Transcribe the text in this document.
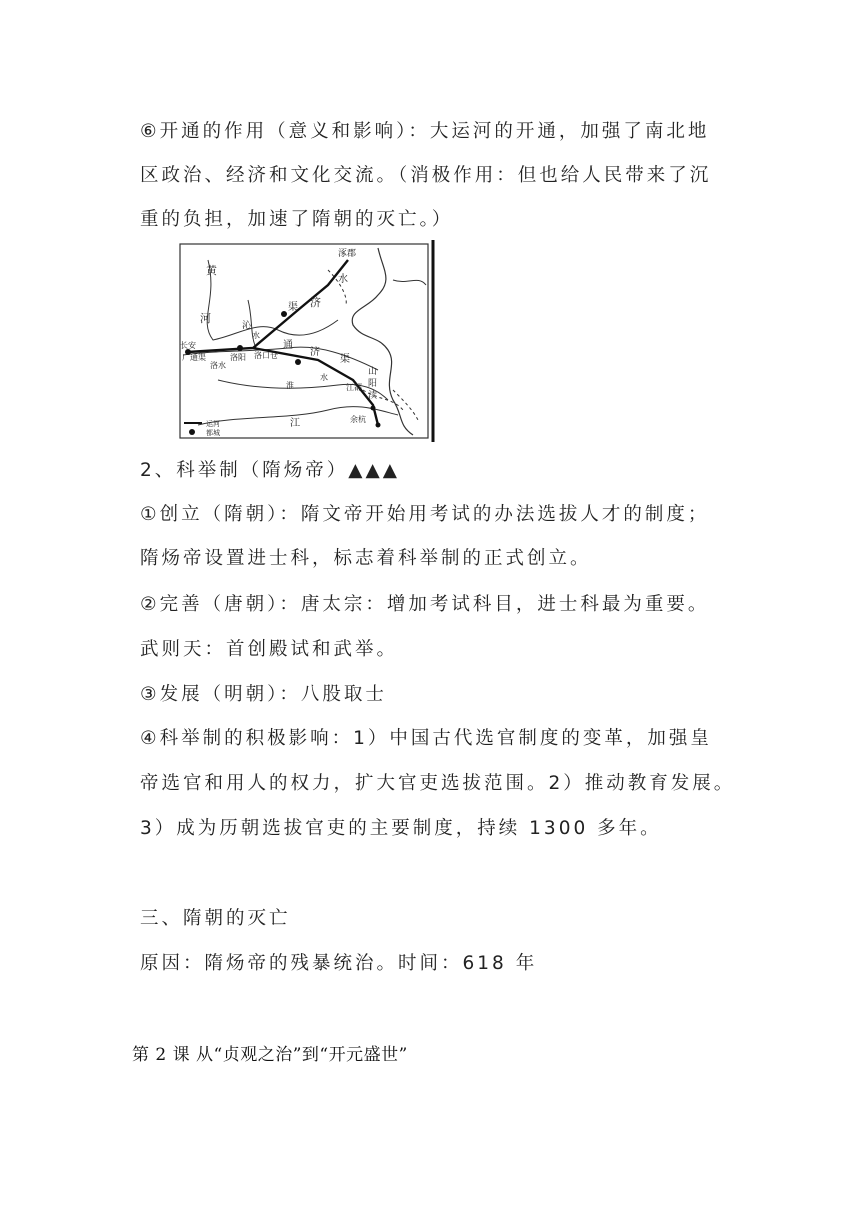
⑥开通的作用（意义和影响）：大运河的开通，加强了南北地
区政治、经济和文化交流。（消极作用：但也给人民带来了沉
重的负担，加速了隋朝的灭亡。）
涿郡
水
济
黄
河
沁
水
渠
长安
广通渠
洛水
洛阳 洛口仓
通
济
渠
淮
水
山
阳
渎
江都
江	余杭
运河
都城
2、科举制（隋炀帝）▲▲▲
①创立（隋朝）：隋文帝开始用考试的办法选拔人才的制度；
隋炀帝设置进士科，标志着科举制的正式创立。
②完善（唐朝）：唐太宗：增加考试科目，进士科最为重要。
武则天：首创殿试和武举。
③发展（明朝）：八股取士
④科举制的积极影响：1）中国古代选官制度的变革，加强皇
帝选官和用人的权力，扩大官吏选拔范围。2）推动教育发展。
3）成为历朝选拔官吏的主要制度，持续 1300 多年。
三、隋朝的灭亡
原因：隋炀帝的残暴统治。时间：618 年
第 2 课 从“贞观之治”到“开元盛世”
